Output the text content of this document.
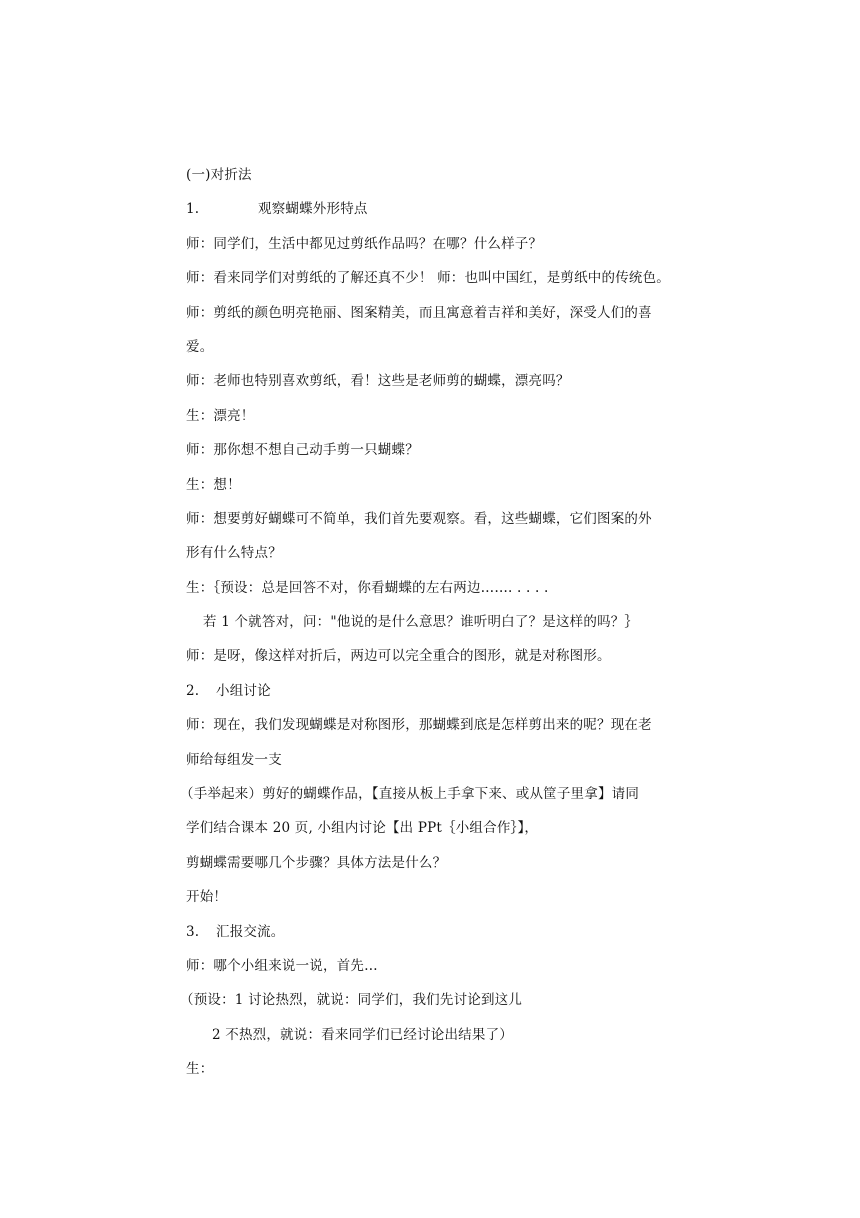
(一)对折法
1.	观察蝴蝶外形特点
师：同学们，生活中都见过剪纸作品吗？在哪？什么样子？
师：看来同学们对剪纸的了解还真不少！ 师：也叫中国红，是剪纸中的传统色。
师：剪纸的颜色明亮艳丽、图案精美，而且寓意着吉祥和美好，深受人们的喜
爱。
师：老师也特别喜欢剪纸，看！这些是老师剪的蝴蝶，漂亮吗？
生：漂亮！
师：那你想不想自己动手剪一只蝴蝶？
生：想！
师：想要剪好蝴蝶可不简单，我们首先要观察。看，这些蝴蝶，它们图案的外
形有什么特点？
生：｛预设：总是回答不对，你看蝴蝶的左右两边……. . . . .
若 1 个就答对，问："他说的是什么意思？谁听明白了？是这样的吗？｝
师：是呀，像这样对折后，两边可以完全重合的图形，就是对称图形。
2. 小组讨论
师：现在，我们发现蝴蝶是对称图形，那蝴蝶到底是怎样剪出来的呢？现在老
师给每组发一支
（手举起来）剪好的蝴蝶作品，【直接从板上手拿下来、或从筐子里拿】请同
学们结合课本 20 页, 小组内讨论【出 PPt｛小组合作｝】，
剪蝴蝶需要哪几个步骤？具体方法是什么？
开始！
3. 汇报交流。
师：哪个小组来说一说，首先…
（预设：1 讨论热烈，就说：同学们，我们先讨论到这儿
2 不热烈，就说：看来同学们已经讨论出结果了）
生：
